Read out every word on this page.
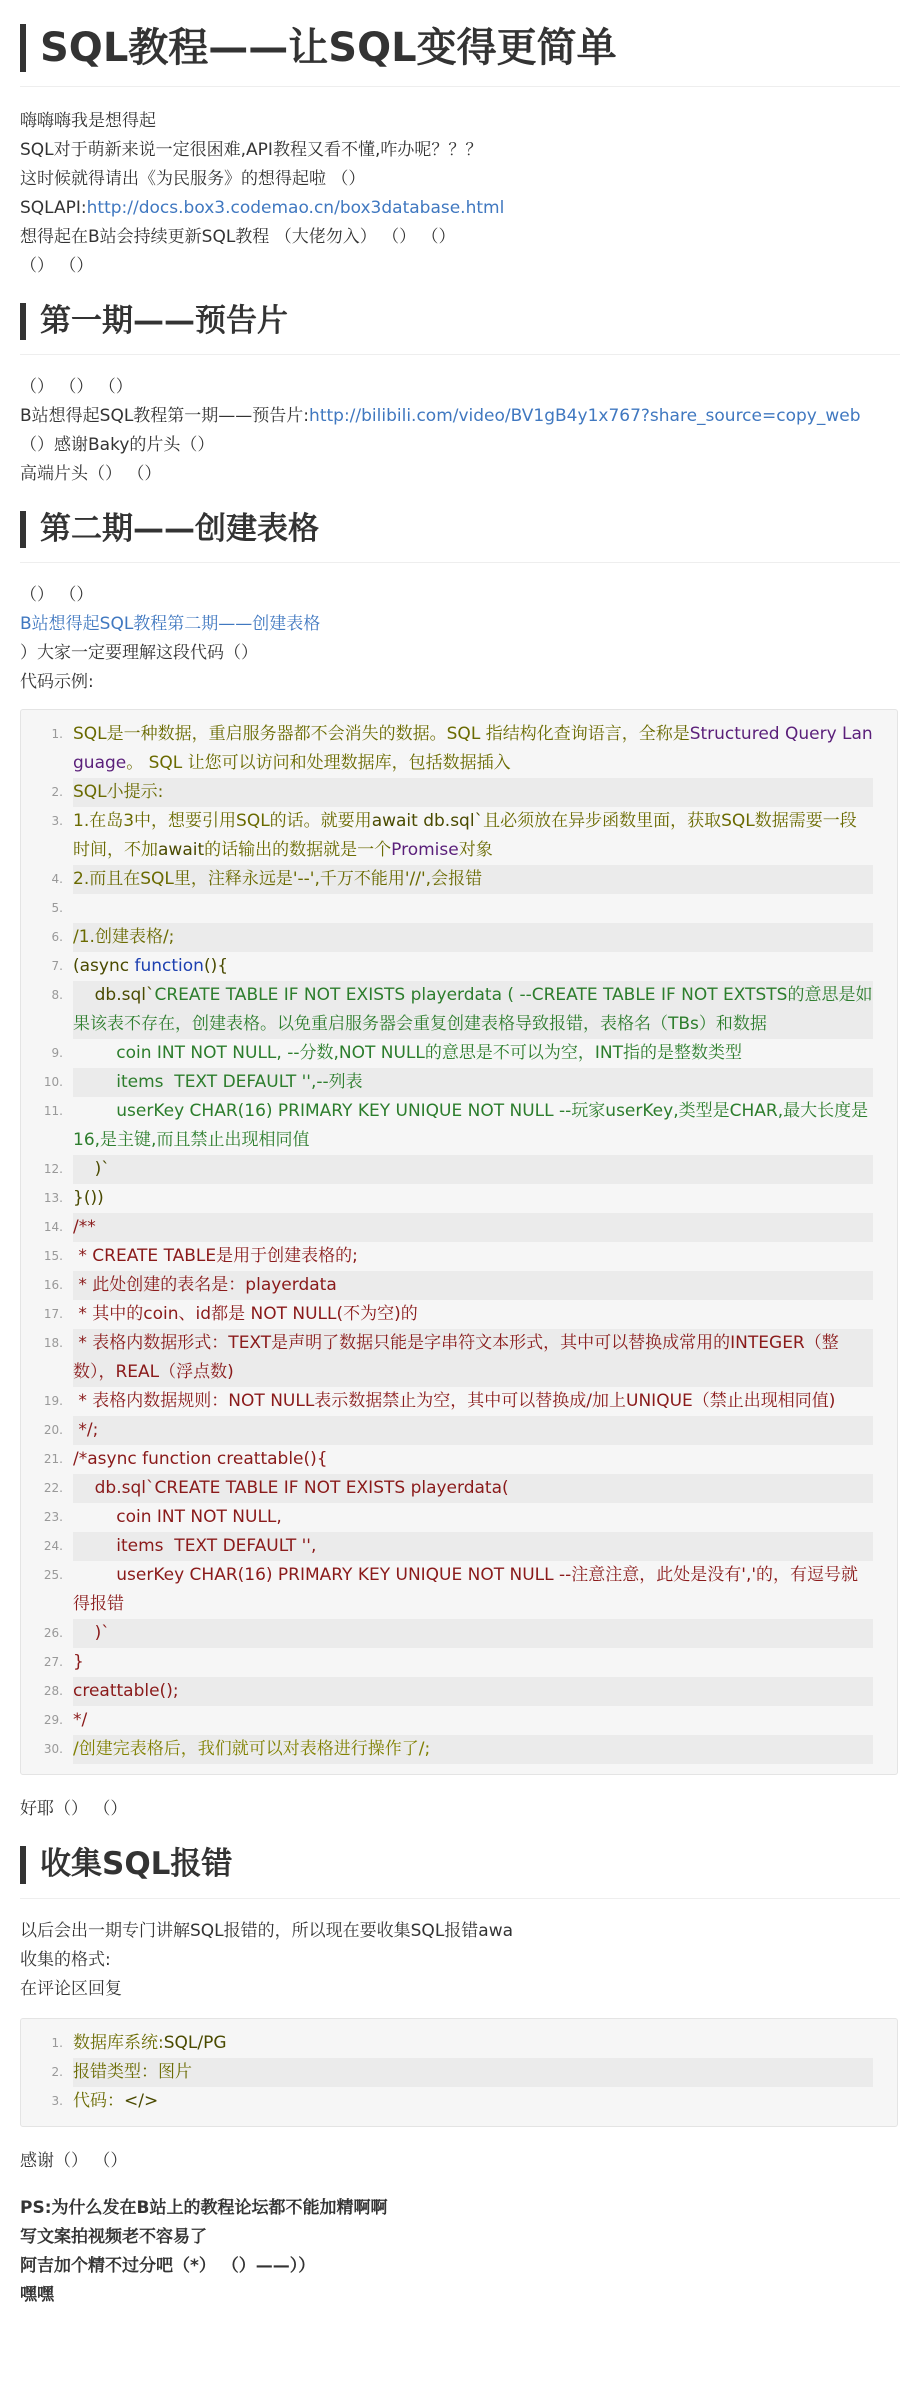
SQL教程——让SQL变得更简单
嗨嗨嗨我是想得起
SQL对于萌新来说一定很困难,API教程又看不懂,咋办呢？？？
这时候就得请出《为民服务》的想得起啦 （）
SQLAPI:http://docs.box3.codemao.cn/box3database.html
想得起在B站会持续更新SQL教程 （大佬勿入） （） （）
（） （）
第一期——预告片
（） （） （）
B站想得起SQL教程第一期——预告片:http://bilibili.com/video/BV1gB4y1x767?share_source=copy_web
（）感谢Baky的片头（）
高端片头（） （）
第二期——创建表格
（） （）
B站想得起SQL教程第二期——创建表格
）大家一定要理解这段代码（）
代码示例:
1. SQL是一种数据，重启服务器都不会消失的数据。SQL 指结构化查询语言，全称是Structured Query Language。 SQL 让您可以访问和处理数据库，包括数据插入
2. SQL小提示:
3. 1.在岛3中，想要引用SQL的话。就要用await db.sql`且必须放在异步函数里面，获取SQL数据需要一段时间，不加await的话输出的数据就是一个Promise对象
4. 2.而且在SQL里，注释永远是'--',千万不能用'//',会报错
5.
6. /1.创建表格/;
7. (async function(){
8. db.sql`CREATE TABLE IF NOT EXISTS playerdata ( --CREATE TABLE IF NOT EXTSTS的意思是如果该表不存在，创建表格。以免重启服务器会重复创建表格导致报错，表格名（TBs）和数据
9. coin INT NOT NULL, --分数,NOT NULL的意思是不可以为空，INT指的是整数类型
10. items  TEXT DEFAULT '',--列表
11. userKey CHAR(16) PRIMARY KEY UNIQUE NOT NULL --玩家userKey,类型是CHAR,最大长度是16,是主键,而且禁止出现相同值
12. )`
13. }())
14. /**
15. * CREATE TABLE是用于创建表格的;
16. * 此处创建的表名是：playerdata
17. * 其中的coin、id都是 NOT NULL(不为空)的
18. * 表格内数据形式：TEXT是声明了数据只能是字串符文本形式，其中可以替换成常用的INTEGER（整数），REAL（浮点数)
19. * 表格内数据规则：NOT NULL表示数据禁止为空，其中可以替换成/加上UNIQUE（禁止出现相同值)
20. */;
21. /*async function creattable(){
22. db.sql`CREATE TABLE IF NOT EXISTS playerdata(
23. coin INT NOT NULL,
24. items  TEXT DEFAULT '',
25. userKey CHAR(16) PRIMARY KEY UNIQUE NOT NULL --注意注意，此处是没有','的，有逗号就得报错
26. )`
27. }
28. creattable();
29. */
30. /创建完表格后，我们就可以对表格进行操作了/;
好耶（） （）
收集SQL报错
以后会出一期专门讲解SQL报错的，所以现在要收集SQL报错awa
收集的格式:
在评论区回复
1. 数据库系统:SQL/PG
2. 报错类型：图片
3. 代码：</>
感谢（） （）
PS:为什么发在B站上的教程论坛都不能加精啊啊
写文案拍视频老不容易了
阿吉加个精不过分吧（*） （）——））
嘿嘿
